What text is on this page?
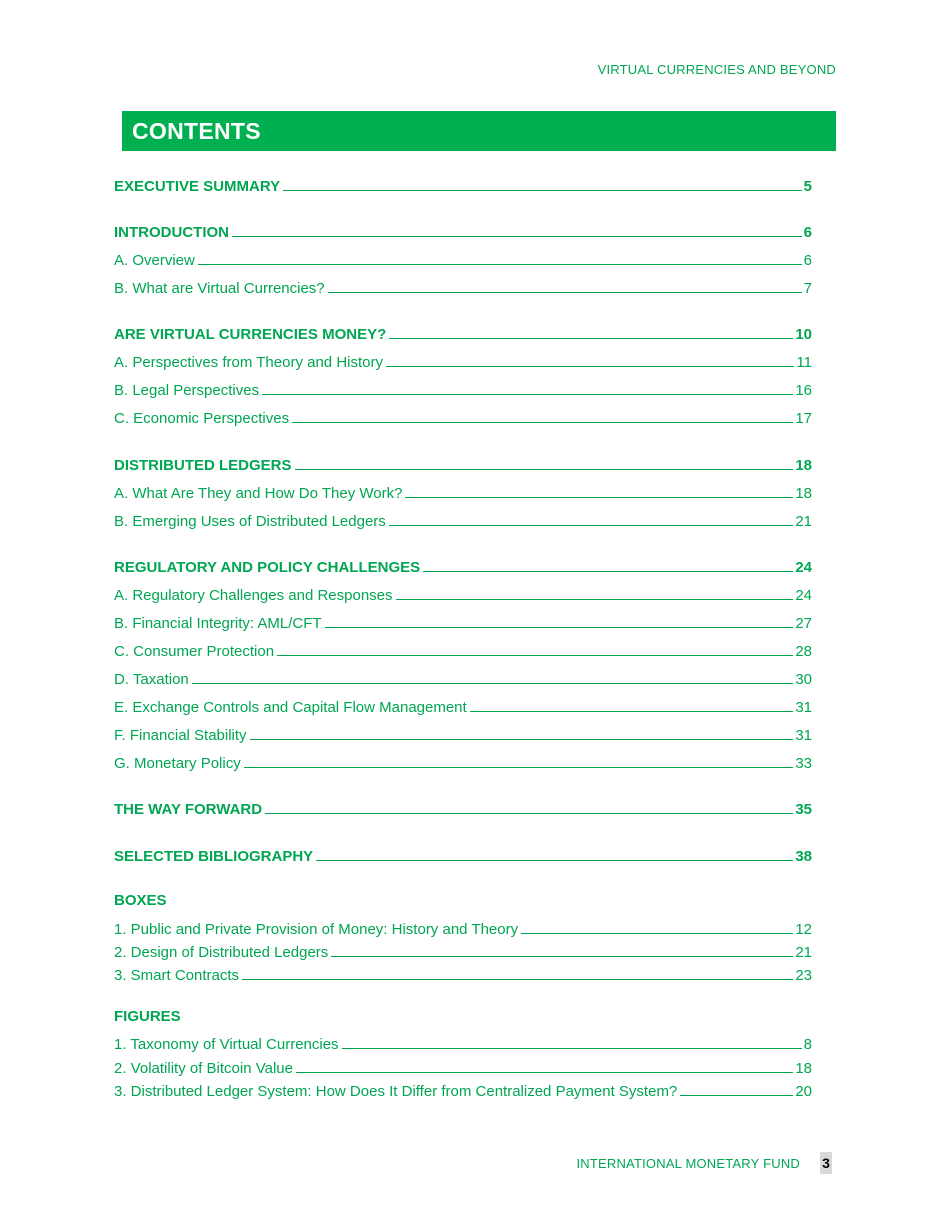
VIRTUAL CURRENCIES AND BEYOND
CONTENTS
EXECUTIVE SUMMARY	5
INTRODUCTION	6
A. Overview	6
B. What are Virtual Currencies?	7
ARE VIRTUAL CURRENCIES MONEY?	10
A. Perspectives from Theory and History	11
B. Legal Perspectives	16
C. Economic Perspectives	17
DISTRIBUTED LEDGERS	18
A. What Are They and How Do They Work?	18
B. Emerging Uses of Distributed Ledgers	21
REGULATORY AND POLICY CHALLENGES	24
A. Regulatory Challenges and Responses	24
B. Financial Integrity: AML/CFT	27
C. Consumer Protection	28
D. Taxation	30
E. Exchange Controls and Capital Flow Management	31
F. Financial Stability	31
G. Monetary Policy	33
THE WAY FORWARD	35
SELECTED BIBLIOGRAPHY	38
BOXES
1. Public and Private Provision of Money: History and Theory	12
2. Design of Distributed Ledgers	21
3. Smart Contracts	23
FIGURES
1. Taxonomy of Virtual Currencies	8
2. Volatility of Bitcoin Value	18
3. Distributed Ledger System: How Does It Differ from Centralized Payment System?	20
INTERNATIONAL MONETARY FUND 3
